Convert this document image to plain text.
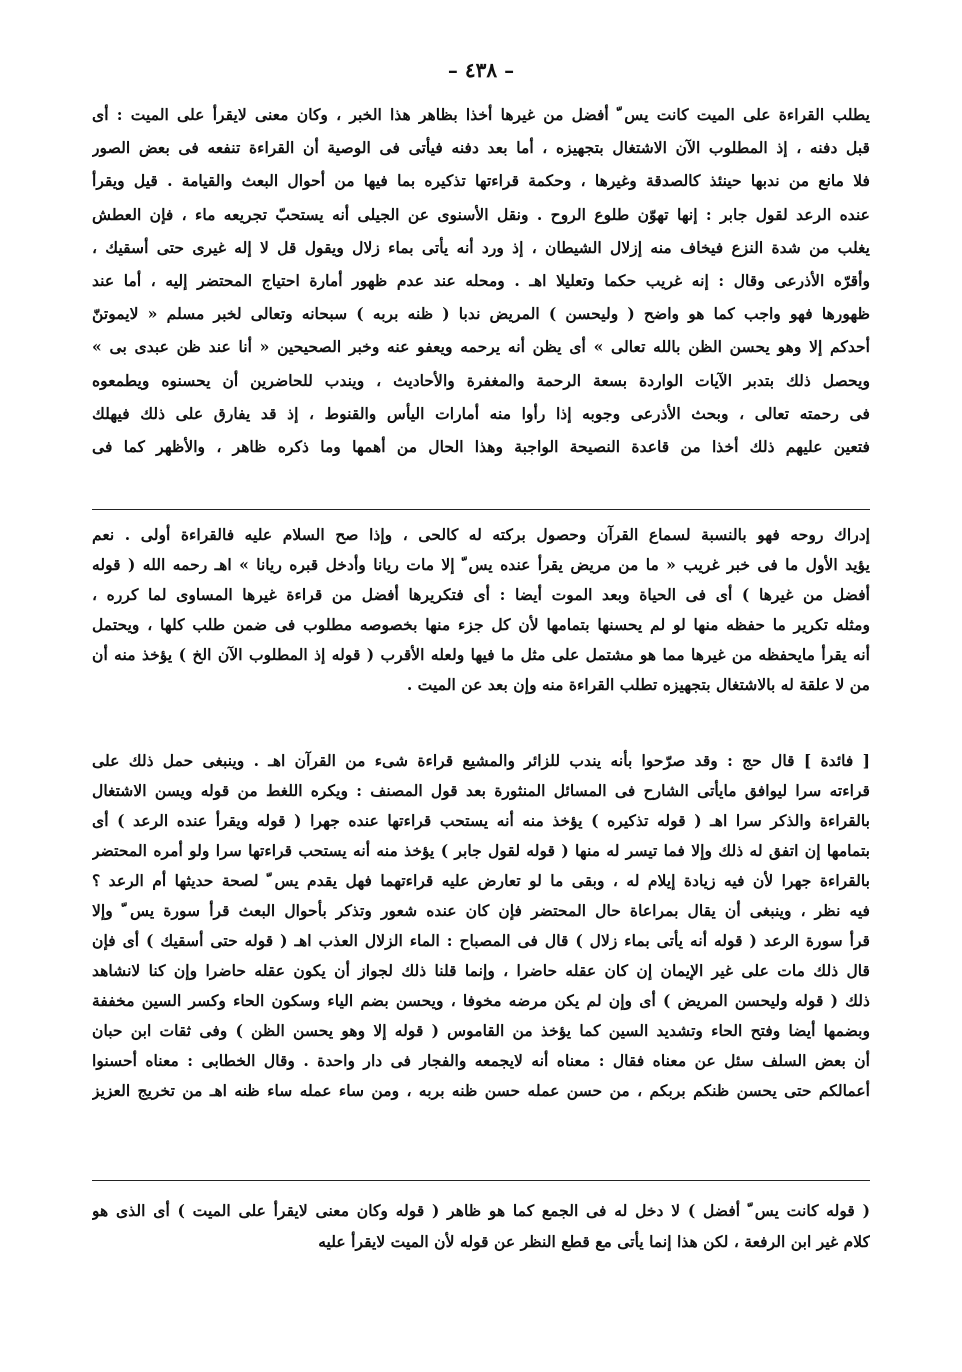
– ٤٣٨ –
يطلب القراءة على الميت كانت يس ّ أفضل من غيرها أخذا بظاهر هذا الخبر ، وكان معنى لايقرأ على الميت : أى
قبل دفنه ، إذ المطلوب الآن الاشتغال بتجهيزه ، أما بعد دفنه فيأتى فى الوصية أن القراءة تنفعه فى بعض الصور
فلا مانع من ندبها حينئذ كالصدقة وغيرها ، وحكمة قراءتها تذكيره بما فيها من أحوال البعث والقيامة . قيل ويقرأ
عنده الرعد لقول جابر : إنها تهوّن طلوع الروح . ونقل الأسنوى عن الجيلى أنه يستحبّ تجريعه ماء ، فإن العطش
يغلب من شدة النزع فيخاف منه إزلال الشيطان ، إذ ورد أنه يأتى بماء زلال ويقول قل لا إله غيرى حتى أسقيك ،
وأقرّه الأذرعى وقال : إنه غريب حكما وتعليلا اهـ . ومحله عند عدم ظهور أمارة احتياج المحتضر إليه ، أما عند
ظهورها فهو واجب كما هو واضح ( وليحسن ) المريض ندبا ( ظنه بربه ) سبحانه وتعالى لخبر مسلم « لايموتنّ
أحدكم إلا وهو يحسن الظن بالله تعالى » أى يظن أنه يرحمه ويعفو عنه وخبر الصحيحين « أنا عند ظن عبدى بى »
ويحصل ذلك بتدبر الآيات الواردة بسعة الرحمة والمغفرة والأحاديث ، ويندب للحاضرين أن يحسنوه ويطمعوه
فى رحمته تعالى ، وبحث الأذرعى وجوبه إذا رأوا منه أمارات اليأس والقنوط ، إذ قد يفارق على ذلك فيهلك
فتعين عليهم ذلك أخذا من قاعدة النصيحة الواجبة وهذا الحال من أهمها وما ذكره ظاهر ، والأظهر كما فى
إدراك روحه فهو بالنسبة لسماع القرآن وحصول بركته له كالحى ، وإذا صح السلام عليه فالقراءة أولى . نعم
يؤيد الأول ما فى خبر غريب « ما من مريض يقرأ عنده يس ّ إلا مات ريانا وأدخل قبره ريانا » اهـ رحمه الله ( قوله
أفضل من غيرها ) أى فى الحياة وبعد الموت أيضا : أى فتكريرها أفضل من قراءة غيرها المساوى لما كرره ،
ومثله تكرير ما حفظه منها لو لم يحسنها بتمامها لأن كل جزء منها بخصوصه مطلوب فى ضمن طلب كلها ، ويحتمل
أنه يقرأ مايحفظه من غيرها مما هو مشتمل على مثل ما فيها ولعله الأقرب ( قوله إذ المطلوب الآن الخ ) يؤخذ منه أن
من لا علقة له بالاشتغال بتجهيزه تطلب القراءة منه وإن بعد عن الميت .
[ فائدة ] قال حج : وقد صرّحوا بأنه يندب للزائر والمشيع قراءة شىء من القرآن اهـ . وينبغى حمل ذلك على
قراءته سرا ليوافق مايأتى الشارح فى المسائل المنثورة بعد قول المصنف : ويكره اللغط من قوله ويسن الاشتغال
بالقراءة والذكر سرا اهـ ( قوله تذكيره ) يؤخذ منه أنه يستحب قراءتها عنده جهرا ( قوله ويقرأ عنده الرعد ) أى
بتمامها إن اتفق له ذلك وإلا فما تيسر له منها ( قوله لقول جابر ) يؤخذ منه أنه يستحب قراءتها سرا ولو أمره المحتضر
بالقراءة جهرا لأن فيه زيادة إيلام له ، وبقى ما لو تعارض عليه قراءتهما فهل يقدم يس ّ لصحة حديثها أم الرعد ؟
فيه نظر ، وينبغى أن يقال بمراعاة حال المحتضر فإن كان عنده شعور وتذكر بأحوال البعث قرأ سورة يس ّ وإلا
قرأ سورة الرعد ( قوله أنه يأتى بماء زلال ) قال فى المصباح : الماء الزلال العذب اهـ ( قوله حتى أسقيك ) أى فإن
قال ذلك مات على غير الإيمان إن كان عقله حاضرا ، وإنما قلنا ذلك لجواز أن يكون عقله حاضرا وإن كنا لانشاهد
ذلك ( قوله وليحسن المريض ) أى وإن لم يكن مرضه مخوفا ، ويحسن بضم الياء وسكون الحاء وكسر السين مخففة
وبضمها أيضا وفتح الحاء وتشديد السين كما يؤخذ من القاموس ( قوله إلا وهو يحسن الظن ) وفى ثقات ابن حبان
أن بعض السلف سئل عن معناه فقال : معناه أنه لايجمعه والفجار فى دار واحدة . وقال الخطابى : معناه أحسنوا
أعمالكم حتى يحسن ظنكم بربكم ، من حسن عمله حسن ظنه بربه ، ومن ساء عمله ساء ظنه اهـ من تخريج العزيز
( قوله كانت يس ّ أفضل ) لا دخل له فى الجمع كما هو ظاهر ( قوله وكان معنى لايقرأ على الميت ) أى الذى هو
كلام غير ابن الرفعة ، لكن هذا إنما يأتى مع قطع النظر عن قوله لأن الميت لايقرأ عليه
